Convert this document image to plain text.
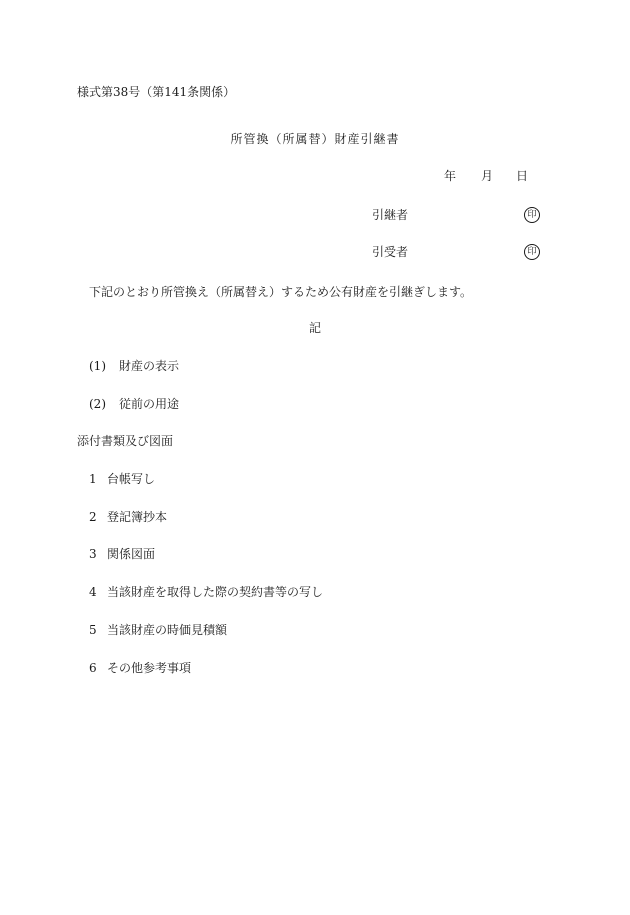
様式第38号（第141条関係）
所管換（所属替）財産引継書
年 月 日
引継者	印
引受者	印
下記のとおり所管換え（所属替え）するため公有財産を引継ぎします。
記
(1) 財産の表示
(2) 従前の用途
添付書類及び図面
1 台帳写し
2 登記簿抄本
3 関係図面
4 当該財産を取得した際の契約書等の写し
5 当該財産の時価見積額
6 その他参考事項
